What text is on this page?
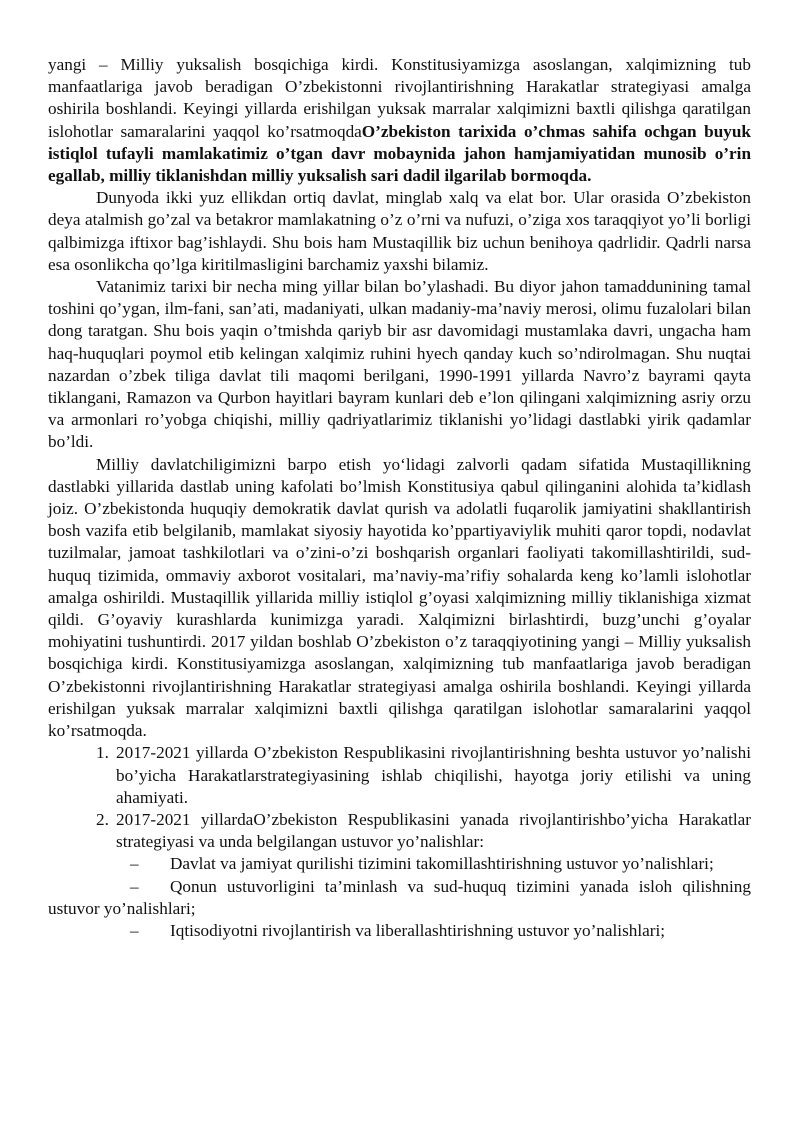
yangi – Milliy yuksalish bosqichiga kirdi. Konstitusiyamizga asoslangan, xalqimizning tub manfaatlariga javob beradigan O’zbekistonni rivojlantirishning Harakatlar strategiyasi amalga oshirila boshlandi. Keyingi yillarda erishilgan yuksak marralar xalqimizni baxtli qilishga qaratilgan islohotlar samaralarini yaqqol ko’rsatmoqdaO’zbekiston tarixida o’chmas sahifa ochgan buyuk istiqlol tufayli mamlakatimiz o’tgan davr mobaynida jahon hamjamiyatidan munosib o’rin egallab, milliy tiklanishdan milliy yuksalish sari dadil ilgarilab bormoqda.

Dunyoda ikki yuz ellikdan ortiq davlat, minglab xalq va elat bor. Ular orasida O’zbekiston deya atalmish go’zal va betakror mamlakatning o’z o’rni va nufuzi, o’ziga xos taraqqiyot yo’li borligi qalbimizga iftixor bag’ishlaydi. Shu bois ham Mustaqillik biz uchun benihoya qadrlidir. Qadrli narsa esa osonlikcha qo’lga kiritilmasligini barchamiz yaxshi bilamiz.

Vatanimiz tarixi bir necha ming yillar bilan bo’ylashadi. Bu diyor jahon tamaddunining tamal toshini qo’ygan, ilm-fani, san’ati, madaniyati, ulkan madaniy-ma’naviy merosi, olimu fuzalolari bilan dong taratgan. Shu bois yaqin o’tmishda qariyb bir asr davomidagi mustamlaka davri, ungacha ham haq-huquqlari poymol etib kelingan xalqimiz ruhini hyech qanday kuch so’ndirolmagan. Shu nuqtai nazardan o’zbek tiliga davlat tili maqomi berilgani, 1990-1991 yillarda Navro’z bayrami qayta tiklangani, Ramazon va Qurbon hayitlari bayram kunlari deb e’lon qilingani xalqimizning asriy orzu va armonlari ro’yobga chiqishi, milliy qadriyatlarimiz tiklanishi yo’lidagi dastlabki yirik qadamlar bo’ldi.

Milliy davlatchiligimizni barpo etish yo‘lidagi zalvorli qadam sifatida Mustaqillikning dastlabki yillarida dastlab uning kafolati bo’lmish Konstitusiya qabul qilinganini alohida ta’kidlash joiz. O’zbekistonda huquqiy demokratik davlat qurish va adolatli fuqarolik jamiyatini shakllantirish bosh vazifa etib belgilanib, mamlakat siyosiy hayotida ko’ppartiyaviylik muhiti qaror topdi, nodavlat tuzilmalar, jamoat tashkilotlari va o’zini-o’zi boshqarish organlari faoliyati takomillashtirildi, sud-huquq tizimida, ommaviy axborot vositalari, ma’naviy-ma’rifiy sohalarda keng ko’lamli islohotlar amalga oshirildi. Mustaqillik yillarida milliy istiqlol g’oyasi xalqimizning milliy tiklanishiga xizmat qildi. G’oyaviy kurashlarda kunimizga yaradi. Xalqimizni birlashtirdi, buzg’unchi g’oyalar mohiyatini tushuntirdi. 2017 yildan boshlab O’zbekiston o’z taraqqiyotining yangi – Milliy yuksalish bosqichiga kirdi. Konstitusiyamizga asoslangan, xalqimizning tub manfaatlariga javob beradigan O’zbekistonni rivojlantirishning Harakatlar strategiyasi amalga oshirila boshlandi. Keyingi yillarda erishilgan yuksak marralar xalqimizni baxtli qilishga qaratilgan islohotlar samaralarini yaqqol ko’rsatmoqda.

1. 2017-2021 yillarda O’zbekiston Respublikasini rivojlantirishning beshta ustuvor yo’nalishi bo’yicha Harakatlarstrategiyasining ishlab chiqilishi, hayotga joriy etilishi va uning ahamiyati.

2. 2017-2021 yillardaO’zbekiston Respublikasini yanada rivojlantirishbo’yicha Harakatlar strategiyasi va unda belgilangan ustuvor yo’nalishlar:

– Davlat va jamiyat qurilishi tizimini takomillashtirishning ustuvor yo’nalishlari;

– Qonun ustuvorligini ta’minlash va sud-huquq tizimini yanada isloh qilishning ustuvor yo’nalishlari;

– Iqtisodiyotni rivojlantirish va liberallashtirishning ustuvor yo’nalishlari;
